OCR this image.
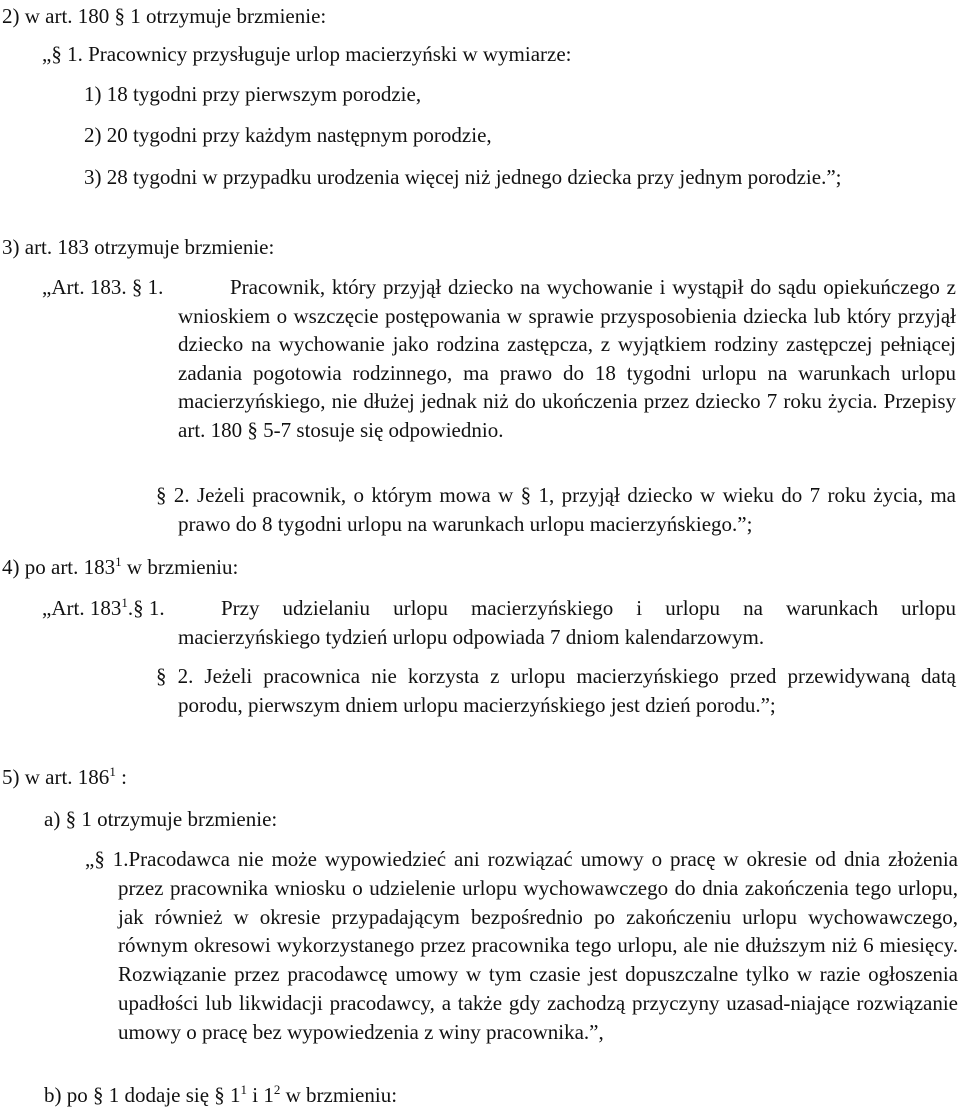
2) w art. 180 § 1 otrzymuje brzmienie:
„§ 1. Pracownicy przysługuje urlop macierzyński w wymiarze:
1) 18 tygodni przy pierwszym porodzie,
2) 20 tygodni przy każdym następnym porodzie,
3) 28 tygodni w przypadku urodzenia więcej niż jednego dziecka przy jednym porodzie.”;
3) art. 183 otrzymuje brzmienie:
„Art. 183. § 1.	Pracownik, który przyjął dziecko na wychowanie i wystąpił do sądu opiekuńczego z wnioskiem o wszczęcie postępowania w sprawie przysposobienia dziecka lub który przyjął dziecko na wychowanie jako rodzina zastępcza, z wyjątkiem rodziny zastępczej pełniącej zadania pogotowia rodzinnego, ma prawo do 18 tygodni urlopu na warunkach urlopu macierzyńskiego, nie dłużej jednak niż do ukończenia przez dziecko 7 roku życia. Przepisy art. 180 § 5-7 stosuje się odpowiednio.
§ 2. Jeżeli pracownik, o którym mowa w § 1, przyjął dziecko w wieku do 7 roku życia, ma prawo do 8 tygodni urlopu na warunkach urlopu macierzyńskiego.”;
4) po art. $183^1$ w brzmieniu:
„Art. $183^1.\S$ 1.	Przy udzielaniu urlopu macierzyńskiego i urlopu na warunkach urlopu macierzyńskiego tydzień urlopu odpowiada 7 dniom kalendarzowym.
§ 2. Jeżeli pracownica nie korzysta z urlopu macierzyńskiego przed przewidywaną datą porodu, pierwszym dniem urlopu macierzyńskiego jest dzień porodu.”;
5) w art. $186^1$ :
a) § 1 otrzymuje brzmienie:
„§ 1.Pracodawca nie może wypowiedzieć ani rozwiązać umowy o pracę w okresie od dnia złożenia przez pracownika wniosku o udzielenie urlopu wychowawczego do dnia zakończenia tego urlopu, jak również w okresie przypadającym bezpośrednio po zakończeniu urlopu wychowawczego, równym okresowi wykorzystanego przez pracownika tego urlopu, ale nie dłuższym niż 6 miesięcy. Rozwiązanie przez pracodawcę umowy w tym czasie jest dopuszczalne tylko w razie ogłoszenia upadłości lub likwidacji pracodawcy, a także gdy zachodzą przyczyny uzasad-niające rozwiązanie umowy o pracę bez wypowiedzenia z winy pracownika.”,
b) po § 1 dodaje się § $1^1$ i $1^2$ w brzmieniu:
